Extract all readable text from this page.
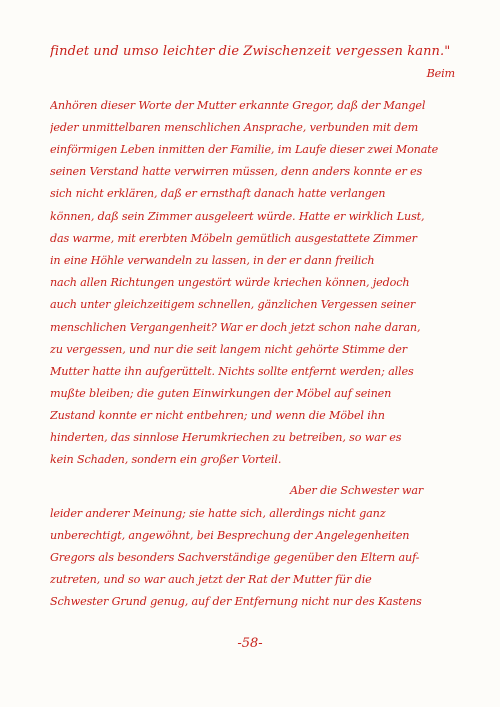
findet und umso leichter die Zwischenzeit vergessen kann."
Beim
Anhören dieser Worte der Mutter erkannte Gregor, daß der Mangel
jeder unmittelbaren menschlichen Ansprache, verbunden mit dem
einförmigen Leben inmitten der Familie, im Laufe dieser zwei Monate
seinen Verstand hatte verwirren müssen, denn anders konnte er es
sich nicht erklären, daß er ernsthaft danach hatte verlangen
können, daß sein Zimmer ausgeleert würde. Hatte er wirklich Lust,
das warme, mit ererbten Möbeln gemütlich ausgestattete Zimmer
in eine Höhle verwandeln zu lassen, in der er dann freilich
nach allen Richtungen ungestört würde kriechen können, jedoch
auch unter gleichzeitigem schnellen, gänzlichen Vergessen seiner
menschlichen Vergangenheit? War er doch jetzt schon nahe daran,
zu vergessen, und nur die seit langem nicht gehörte Stimme der
Mutter hatte ihn aufgerüttelt. Nichts sollte entfernt werden; alles
mußte bleiben; die guten Einwirkungen der Möbel auf seinen
Zustand konnte er nicht entbehren; und wenn die Möbel ihn
hinderten, das sinnlose Herumkriechen zu betreiben, so war es
kein Schaden, sondern ein großer Vorteil.
Aber die Schwester war
leider anderer Meinung; sie hatte sich, allerdings nicht ganz
unberechtigt, angewöhnt, bei Besprechung der Angelegenheiten
Gregors als besonders Sachverständige gegenüber den Eltern auf-
zutreten, und so war auch jetzt der Rat der Mutter für die
Schwester Grund genug, auf der Entfernung nicht nur des Kastens
-58-
